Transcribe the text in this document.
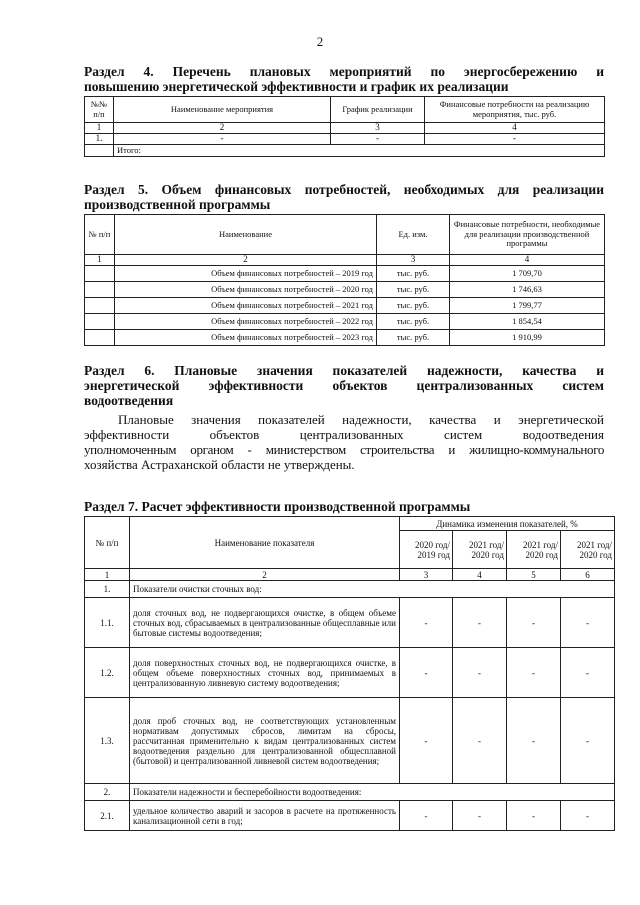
2
Раздел 4. Перечень плановых мероприятий по энергосбережению и
повышению энергетической эффективности и график их реализации
№№ п/п	Наименование мероприятия	График реализации	Финансовые потребности на реализацию мероприятия, тыс. руб.
1	2	3	4
1.	-	-	-
	Итого:		
Раздел 5. Объем финансовых потребностей, необходимых для реализации
производственной программы
№ п/п	Наименование	Ед. изм.	Финансовые потребности, необходимые для реализации производственной программы
1	2	3	4
	Объем финансовых потребностей – 2019 год	тыс. руб.	1 709,70
	Объем финансовых потребностей – 2020 год	тыс. руб.	1 746,63
	Объем финансовых потребностей – 2021 год	тыс. руб.	1 799,77
	Объем финансовых потребностей – 2022 год	тыс. руб.	1 854,54
	Объем финансовых потребностей – 2023 год	тыс. руб.	1 910,99
Раздел 6. Плановые значения показателей надежности, качества и
энергетической эффективности объектов централизованных систем
водоотведения
Плановые значения показателей надежности, качества и энергетической
эффективности объектов централизованных систем водоотведения
уполномоченным органом - министерством строительства и жилищно-коммунального
хозяйства Астраханской области не утверждены.
Раздел 7. Расчет эффективности производственной программы
№ п/п	Наименование показателя	Динамика изменения показателей, %			
		2020 год/ 2019 год	2021 год/ 2020 год	2021 год/ 2020 год	2021 год/ 2020 год
1	2	3	4	5	6
1.	Показатели очистки сточных вод:				
1.1.	доля сточных вод, не подвергающихся очистке, в общем объеме сточных вод, сбрасываемых в централизованные общесплавные или бытовые системы водоотведения;	-	-	-	-
1.2.	доля поверхностных сточных вод, не подвергающихся очистке, в общем объеме поверхностных сточных вод, принимаемых в централизованную ливневую систему водоотведения;	-	-	-	-
1.3.	доля проб сточных вод, не соответствующих установленным нормативам допустимых сбросов, лимитам на сбросы, рассчитанная применительно к видам централизованных систем водоотведения раздельно для централизованной общесплавной (бытовой) и централизованной ливневой систем водоотведения;	-	-	-	-
2.	Показатели надежности и бесперебойности водоотведения:				
2.1.	удельное количество аварий и засоров в расчете на протяженность канализационной сети в год;	-	-	-	-
